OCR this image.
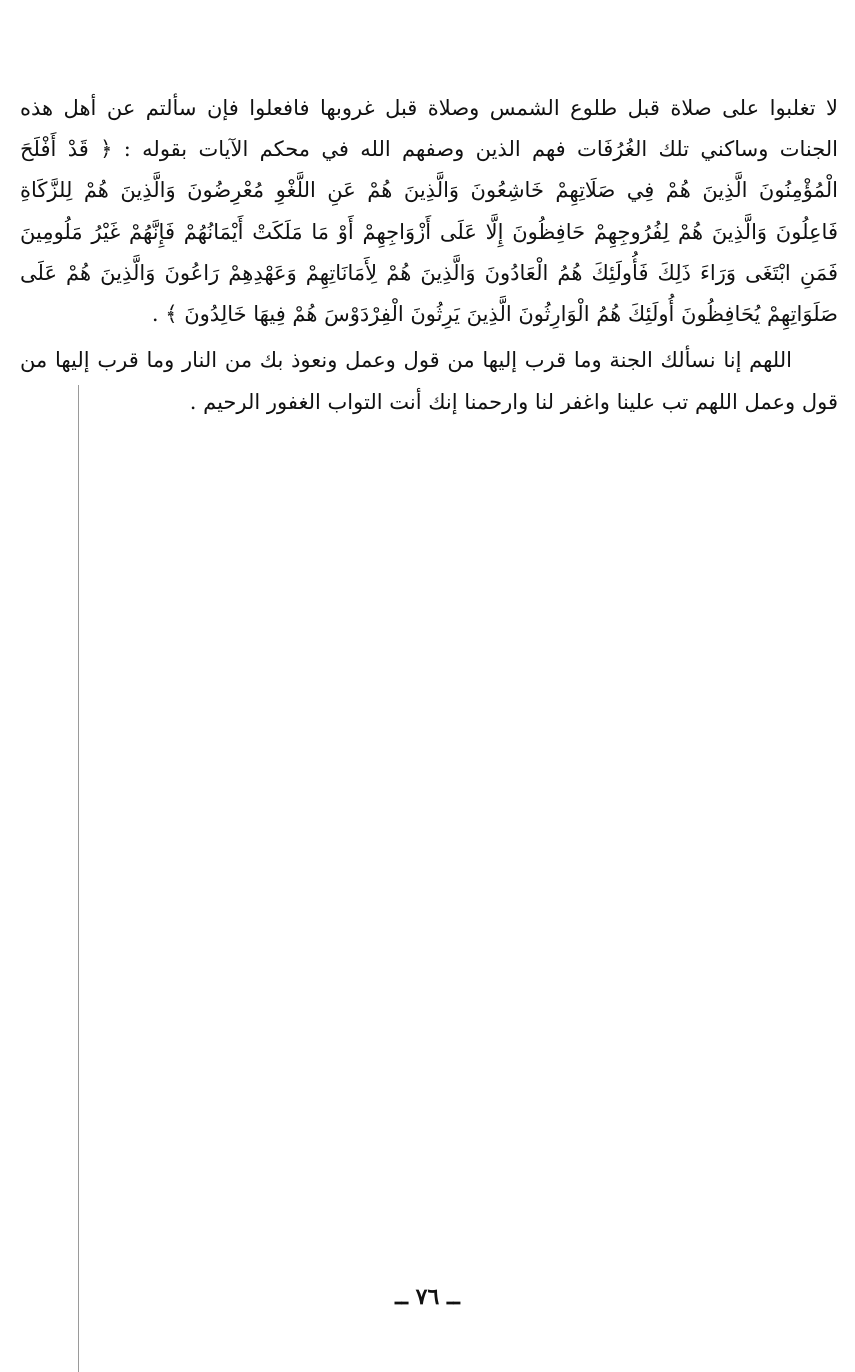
لا تغلبوا على صلاة قبل طلوع الشمس وصلاة قبل غروبها فافعلوا فإن سألتم عن أهل هذه الجنات وساكني تلك الغُرُفَات فهم الذين وصفهم الله في محكم الآيات بقوله : ﴿ قَدْ أَفْلَحَ الْمُؤْمِنُونَ الَّذِينَ هُمْ فِي صَلَاتِهِمْ خَاشِعُونَ وَالَّذِينَ هُمْ عَنِ اللَّغْوِ مُعْرِضُونَ وَالَّذِينَ هُمْ لِلزَّكَاةِ فَاعِلُونَ وَالَّذِينَ هُمْ لِفُرُوجِهِمْ حَافِظُونَ إِلَّا عَلَى أَزْوَاجِهِمْ أَوْ مَا مَلَكَتْ أَيْمَانُهُمْ فَإِنَّهُمْ غَيْرُ مَلُومِينَ فَمَنِ ابْتَغَى وَرَاءَ ذَلِكَ فَأُولَئِكَ هُمُ الْعَادُونَ وَالَّذِينَ هُمْ لِأَمَانَاتِهِمْ وَعَهْدِهِمْ رَاعُونَ وَالَّذِينَ هُمْ عَلَى صَلَوَاتِهِمْ يُحَافِظُونَ أُولَئِكَ هُمُ الْوَارِثُونَ الَّذِينَ يَرِثُونَ الْفِرْدَوْسَ هُمْ فِيهَا خَالِدُونَ ﴾ .

اللهم إنا نسألك الجنة وما قرب إليها من قول وعمل ونعوذ بك من النار وما قرب إليها من قول وعمل اللهم تب علينا واغفر لنا وارحمنا إنك أنت التواب الغفور الرحيم .

ــ ٧٦ ــ
